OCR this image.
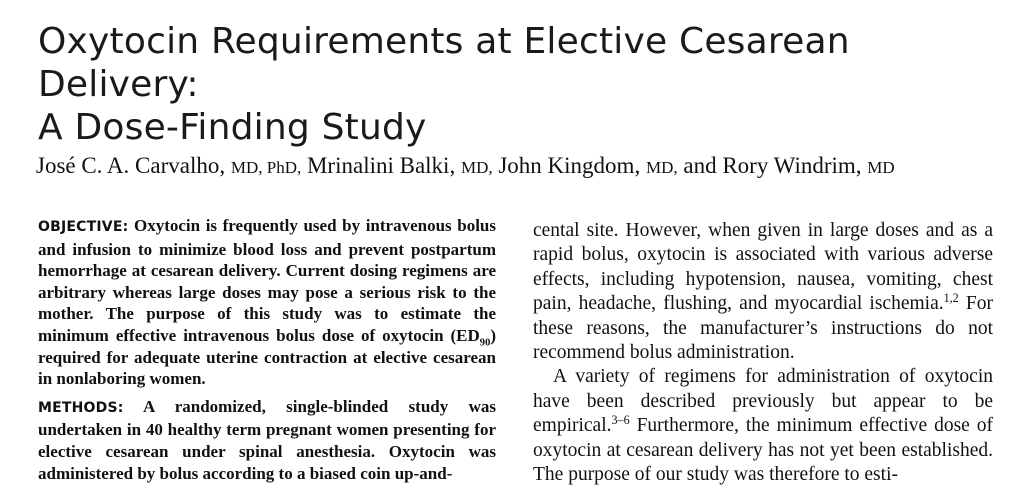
Oxytocin Requirements at Elective Cesarean Delivery:
A Dose-Finding Study
José C. A. Carvalho, MD, PhD, Mrinalini Balki, MD, John Kingdom, MD, and Rory Windrim, MD

OBJECTIVE: Oxytocin is frequently used by intravenous bolus and infusion to minimize blood loss and prevent postpartum hemorrhage at cesarean delivery. Current dosing regimens are arbitrary whereas large doses may pose a serious risk to the mother. The purpose of this study was to estimate the minimum effective intravenous bolus dose of oxytocin $(ED_{90})$ required for adequate uterine contraction at elective cesarean in nonlaboring women.

METHODS: A randomized, single-blinded study was undertaken in 40 healthy term pregnant women presenting for elective cesarean under spinal anesthesia. Oxytocin was administered by bolus according to a biased coin up-and-

cental site. However, when given in large doses and as a rapid bolus, oxytocin is associated with various adverse effects, including hypotension, nausea, vomiting, chest pain, headache, flushing, and myocardial ischemia.$^{1,2}$ For these reasons, the manufacturer’s instructions do not recommend bolus administration.

A variety of regimens for administration of oxytocin have been described previously but appear to be empirical.$^{3-6}$ Furthermore, the minimum effective dose of oxytocin at cesarean delivery has not yet been established. The purpose of our study was therefore to esti-
